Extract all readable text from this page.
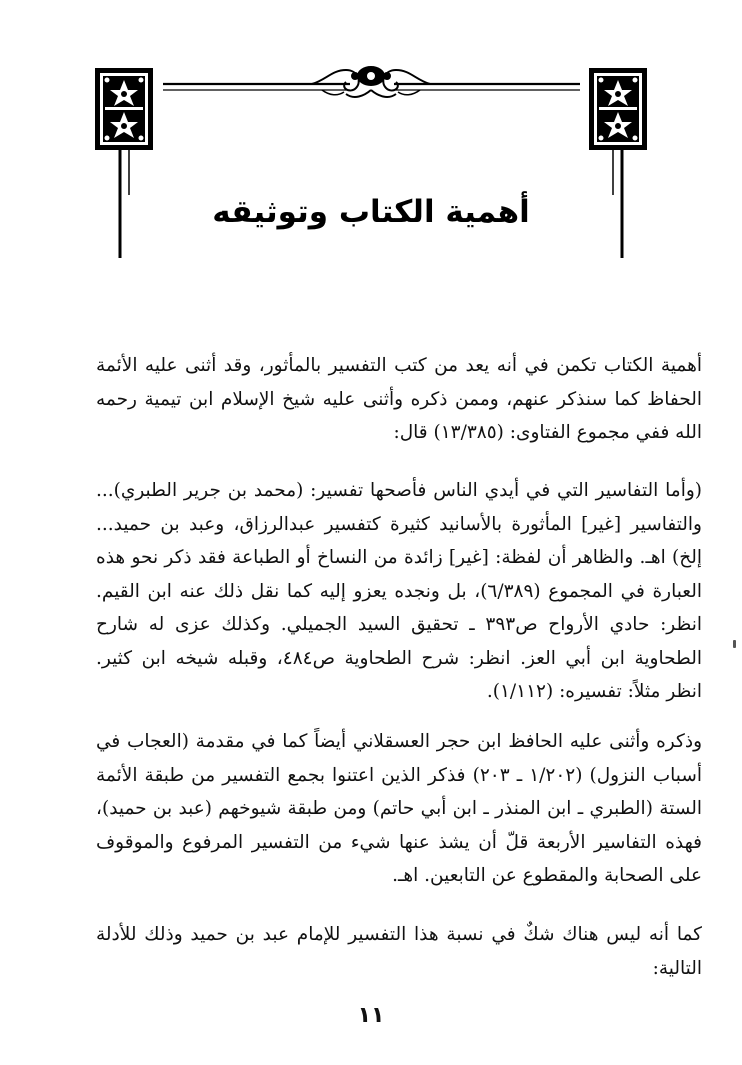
أهمية الكتاب وتوثيقه

أهمية الكتاب تكمن في أنه يعد من كتب التفسير بالمأثور، وقد أثنى عليه الأئمة الحفاظ كما سنذكر عنهم، وممن ذكره وأثنى عليه شيخ الإسلام ابن تيمية رحمه الله ففي مجموع الفتاوى: (١٣/٣٨٥) قال:

(وأما التفاسير التي في أيدي الناس فأصحها تفسير: (محمد بن جرير الطبري)... والتفاسير [غير] المأثورة بالأسانيد كثيرة كتفسير عبدالرزاق، وعبد بن حميد... إلخ) اهـ. والظاهر أن لفظة: [غير] زائدة من النساخ أو الطباعة فقد ذكر نحو هذه العبارة في المجموع (٦/٣٨٩)، بل ونجده يعزو إليه كما نقل ذلك عنه ابن القيم. انظر: حادي الأرواح ص٣٩٣ ـ تحقيق السيد الجميلي. وكذلك عزى له شارح الطحاوية ابن أبي العز. انظر: شرح الطحاوية ص٤٨٤، وقبله شيخه ابن كثير. انظر مثلاً: تفسيره: (١/١١٢).

وذكره وأثنى عليه الحافظ ابن حجر العسقلاني أيضاً كما في مقدمة (العجاب في أسباب النزول) (١/٢٠٢ ـ ٢٠٣) فذكر الذين اعتنوا بجمع التفسير من طبقة الأئمة الستة (الطبري ـ ابن المنذر ـ ابن أبي حاتم) ومن طبقة شيوخهم (عبد بن حميد)، فهذه التفاسير الأربعة قلّ أن يشذ عنها شيء من التفسير المرفوع والموقوف على الصحابة والمقطوع عن التابعين. اهـ.

كما أنه ليس هناك شكٌ في نسبة هذا التفسير للإمام عبد بن حميد وذلك للأدلة التالية:

١١
